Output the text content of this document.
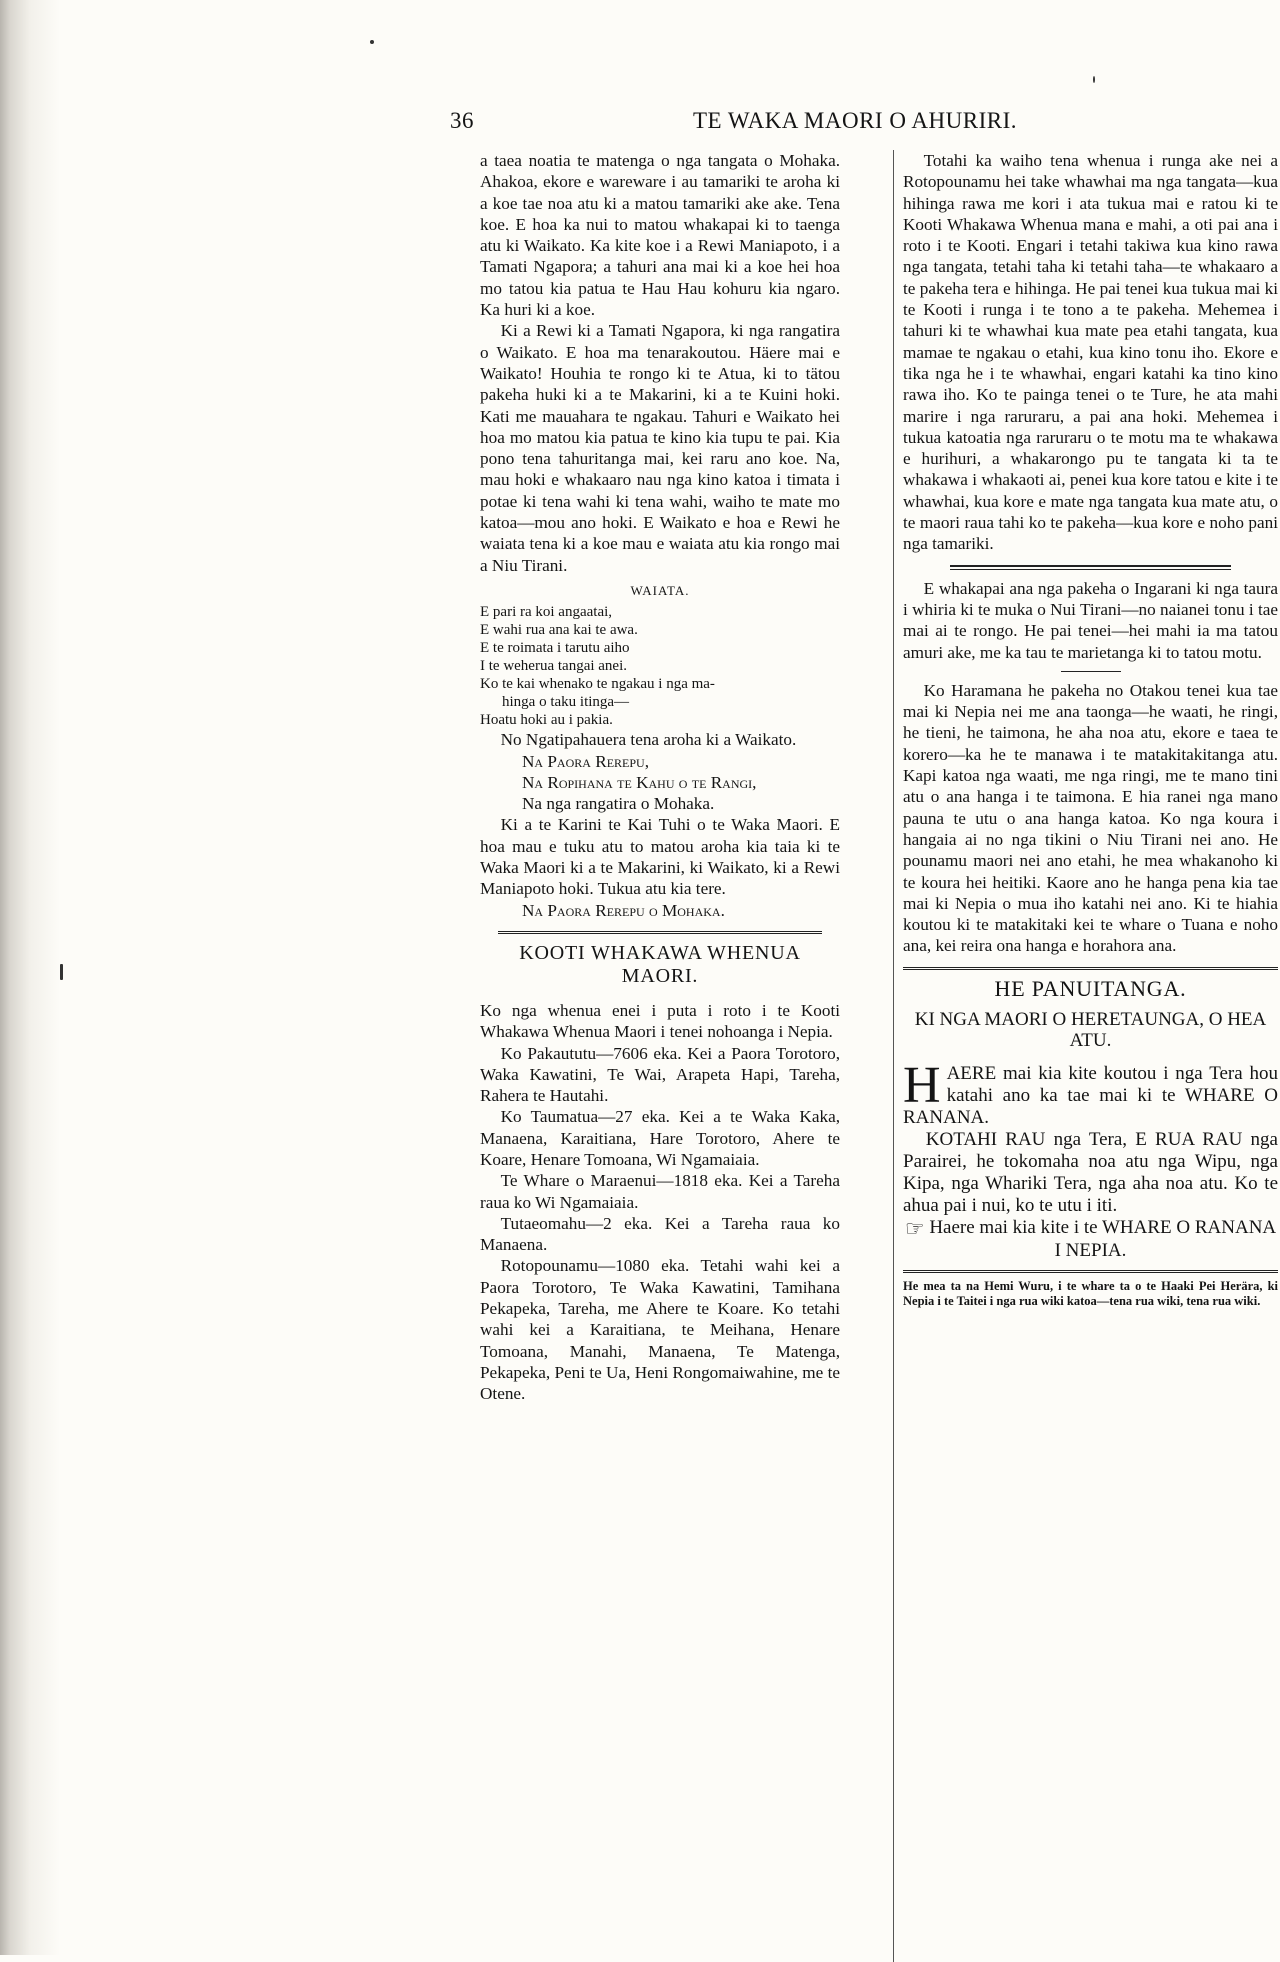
36	TE WAKA MAORI O AHURIRI.

a taea noatia te matenga o nga tangata o Mohaka. Ahakoa, ekore e wareware i au tamariki te aroha ki a koe tae noa atu ki a matou tamariki ake ake. Tena koe. E hoa ka nui to matou whakapai ki to taenga atu ki Waikato. Ka kite koe i a Rewi Maniapoto, i a Tamati Ngapora; a tahuri ana mai ki a koe hei hoa mo tatou kia patua te Hau Hau kohuru kia ngaro. Ka huri ki a koe.

Ki a Rewi ki a Tamati Ngapora, ki nga rangatira o Waikato. E hoa ma tenarakoutou. Häere mai e Waikato! Houhia te rongo ki te Atua, ki to tätou pakeha huki ki a te Makarini, ki a te Kuini hoki. Kati me mauahara te ngakau. Tahuri e Waikato hei hoa mo matou kia patua te kino kia tupu te pai. Kia pono tena tahuritanga mai, kei raru ano koe. Na, mau hoki e whakaaro nau nga kino katoa i timata i potae ki tena wahi ki tena wahi, waiho te mate mo katoa—mou ano hoki. E Waikato e hoa e Rewi he waiata tena ki a koe mau e waiata atu kia rongo mai a Niu Tirani.

WAIATA.
E pari ra koi angaatai,
E wahi rua ana kai te awa.
E te roimata i tarutu aiho
I te weherua tangai anei.
Ko te kai whenako te ngakau i nga ma-
hinga o taku itinga—
Hoatu hoki au i pakia.

No Ngatipahauera tena aroha ki a Waikato.

Na Paora Rerepu,

Na Ropihana te Kahu o te Rangi,

Na nga rangatira o Mohaka.

Ki a te Karini te Kai Tuhi o te Waka Maori. E hoa mau e tuku atu to matou aroha kia taia ki te Waka Maori ki a te Makarini, ki Waikato, ki a Rewi Maniapoto hoki. Tukua atu kia tere.

Na Paora Rerepu o Mohaka.

KOOTI WHAKAWA WHENUA MAORI.

Ko nga whenua enei i puta i roto i te Kooti Whakawa Whenua Maori i tenei nohoanga i Nepia.

Ko Pakaututu—7606 eka. Kei a Paora Torotoro, Waka Kawatini, Te Wai, Arapeta Hapi, Tareha, Rahera te Hautahi.

Ko Taumatua—27 eka. Kei a te Waka Kaka, Manaena, Karaitiana, Hare Torotoro, Ahere te Koare, Henare Tomoana, Wi Ngamaiaia.

Te Whare o Maraenui—1818 eka. Kei a Tareha raua ko Wi Ngamaiaia.

Tutaeomahu—2 eka. Kei a Tareha raua ko Manaena.

Rotopounamu—1080 eka. Tetahi wahi kei a Paora Torotoro, Te Waka Kawatini, Tamihana Pekapeka, Tareha, me Ahere te Koare. Ko tetahi wahi kei a Karaitiana, te Meihana, Henare Tomoana, Manahi, Manaena, Te Matenga, Pekapeka, Peni te Ua, Heni Rongomaiwahine, me te Otene.

Totahi ka waiho tena whenua i runga ake nei a Rotopounamu hei take whawhai ma nga tangata—kua hihinga rawa me kori i ata tukua mai e ratou ki te Kooti Whakawa Whenua mana e mahi, a oti pai ana i roto i te Kooti. Engari i tetahi takiwa kua kino rawa nga tangata, tetahi taha ki tetahi taha—te whakaaro a te pakeha tera e hihinga. He pai tenei kua tukua mai ki te Kooti i runga i te tono a te pakeha. Mehemea i tahuri ki te whawhai kua mate pea etahi tangata, kua mamae te ngakau o etahi, kua kino tonu iho. Ekore e tika nga he i te whawhai, engari katahi ka tino kino rawa iho. Ko te painga tenei o te Ture, he ata mahi marire i nga raruraru, a pai ana hoki. Mehemea i tukua katoatia nga raruraru o te motu ma te whakawa e hurihuri, a whakarongo pu te tangata ki ta te whakawa i whakaoti ai, penei kua kore tatou e kite i te whawhai, kua kore e mate nga tangata kua mate atu, o te maori raua tahi ko te pakeha—kua kore e noho pani nga tamariki.

E whakapai ana nga pakeha o Ingarani ki nga taura i whiria ki te muka o Nui Tirani—no naianei tonu i tae mai ai te rongo. He pai tenei—hei mahi ia ma tatou amuri ake, me ka tau te marietanga ki to tatou motu.

Ko Haramana he pakeha no Otakou tenei kua tae mai ki Nepia nei me ana taonga—he waati, he ringi, he tieni, he taimona, he aha noa atu, ekore e taea te korero—ka he te manawa i te matakitakitanga atu. Kapi katoa nga waati, me nga ringi, me te mano tini atu o ana hanga i te taimona. E hia ranei nga mano pauna te utu o ana hanga katoa. Ko nga koura i hangaia ai no nga tikini o Niu Tirani nei ano. He pounamu maori nei ano etahi, he mea whakanoho ki te koura hei heitiki. Kaore ano he hanga pena kia tae mai ki Nepia o mua iho katahi nei ano. Ki te hiahia koutou ki te matakitaki kei te whare o Tuana e noho ana, kei reira ona hanga e horahora ana.

HE PANUITANGA.
KI NGA MAORI O HERETAUNGA, O HEA ATU.
HAERE mai kia kite koutou i nga Tera hou katahi ano ka tae mai ki te WHARE O RANANA.
KOTAHI RAU nga Tera, E RUA RAU nga Parairei, he tokomaha noa atu nga Wipu, nga Kipa, nga Whariki Tera, nga aha noa atu. Ko te ahua pai i nui, ko te utu i iti.
☞ Haere mai kia kite i te WHARE O RANANA I NEPIA.
He mea ta na Hemi Wuru, i te whare ta o te Haaki Pei Herära, ki Nepia i te Taitei i nga rua wiki katoa—tena rua wiki, tena rua wiki.
